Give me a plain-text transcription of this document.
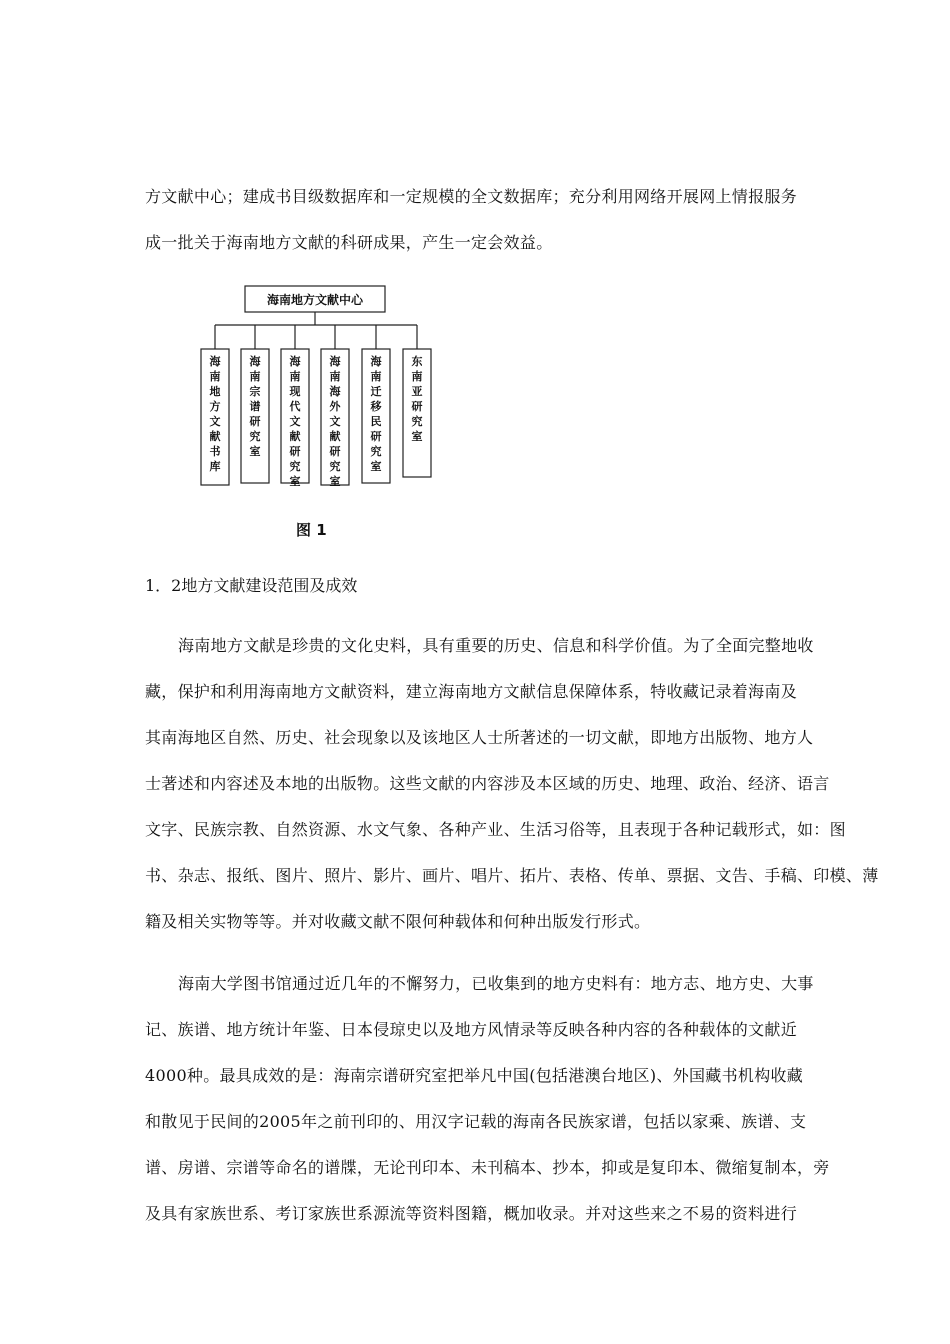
方文献中心；建成书目级数据库和一定规模的全文数据库；充分利用网络开展网上情报服务
成一批关于海南地方文献的科研成果，产生一定会效益。
海南地方文献中心
海
南
地
方
文
献
书
库
海
南
宗
谱
研
究
室
海
南
现
代
文
献
研
究
室
海
南
海
外
文
献
研
究
室
海
南
迁
移
民
研
究
室
东
南
亚
研
究
室
图 1
1．2地方文献建设范围及成效
海南地方文献是珍贵的文化史料，具有重要的历史、信息和科学价值。为了全面完整地收
藏，保护和利用海南地方文献资料，建立海南地方文献信息保障体系，特收藏记录着海南及
其南海地区自然、历史、社会现象以及该地区人士所著述的一切文献，即地方出版物、地方人
士著述和内容述及本地的出版物。这些文献的内容涉及本区域的历史、地理、政治、经济、语言
文字、民族宗教、自然资源、水文气象、各种产业、生活习俗等，且表现于各种记载形式，如：图
书、杂志、报纸、图片、照片、影片、画片、唱片、拓片、表格、传单、票据、文告、手稿、印模、薄
籍及相关实物等等。并对收藏文献不限何种载体和何种出版发行形式。
海南大学图书馆通过近几年的不懈努力，已收集到的地方史料有：地方志、地方史、大事
记、族谱、地方统计年鉴、日本侵琼史以及地方风情录等反映各种内容的各种载体的文献近
4000种。最具成效的是：海南宗谱研究室把举凡中国(包括港澳台地区)、外国藏书机构收藏
和散见于民间的2005年之前刊印的、用汉字记载的海南各民族家谱，包括以家乘、族谱、支
谱、房谱、宗谱等命名的谱牒，无论刊印本、未刊稿本、抄本，抑或是复印本、微缩复制本，旁
及具有家族世系、考订家族世系源流等资料图籍，概加收录。并对这些来之不易的资料进行
